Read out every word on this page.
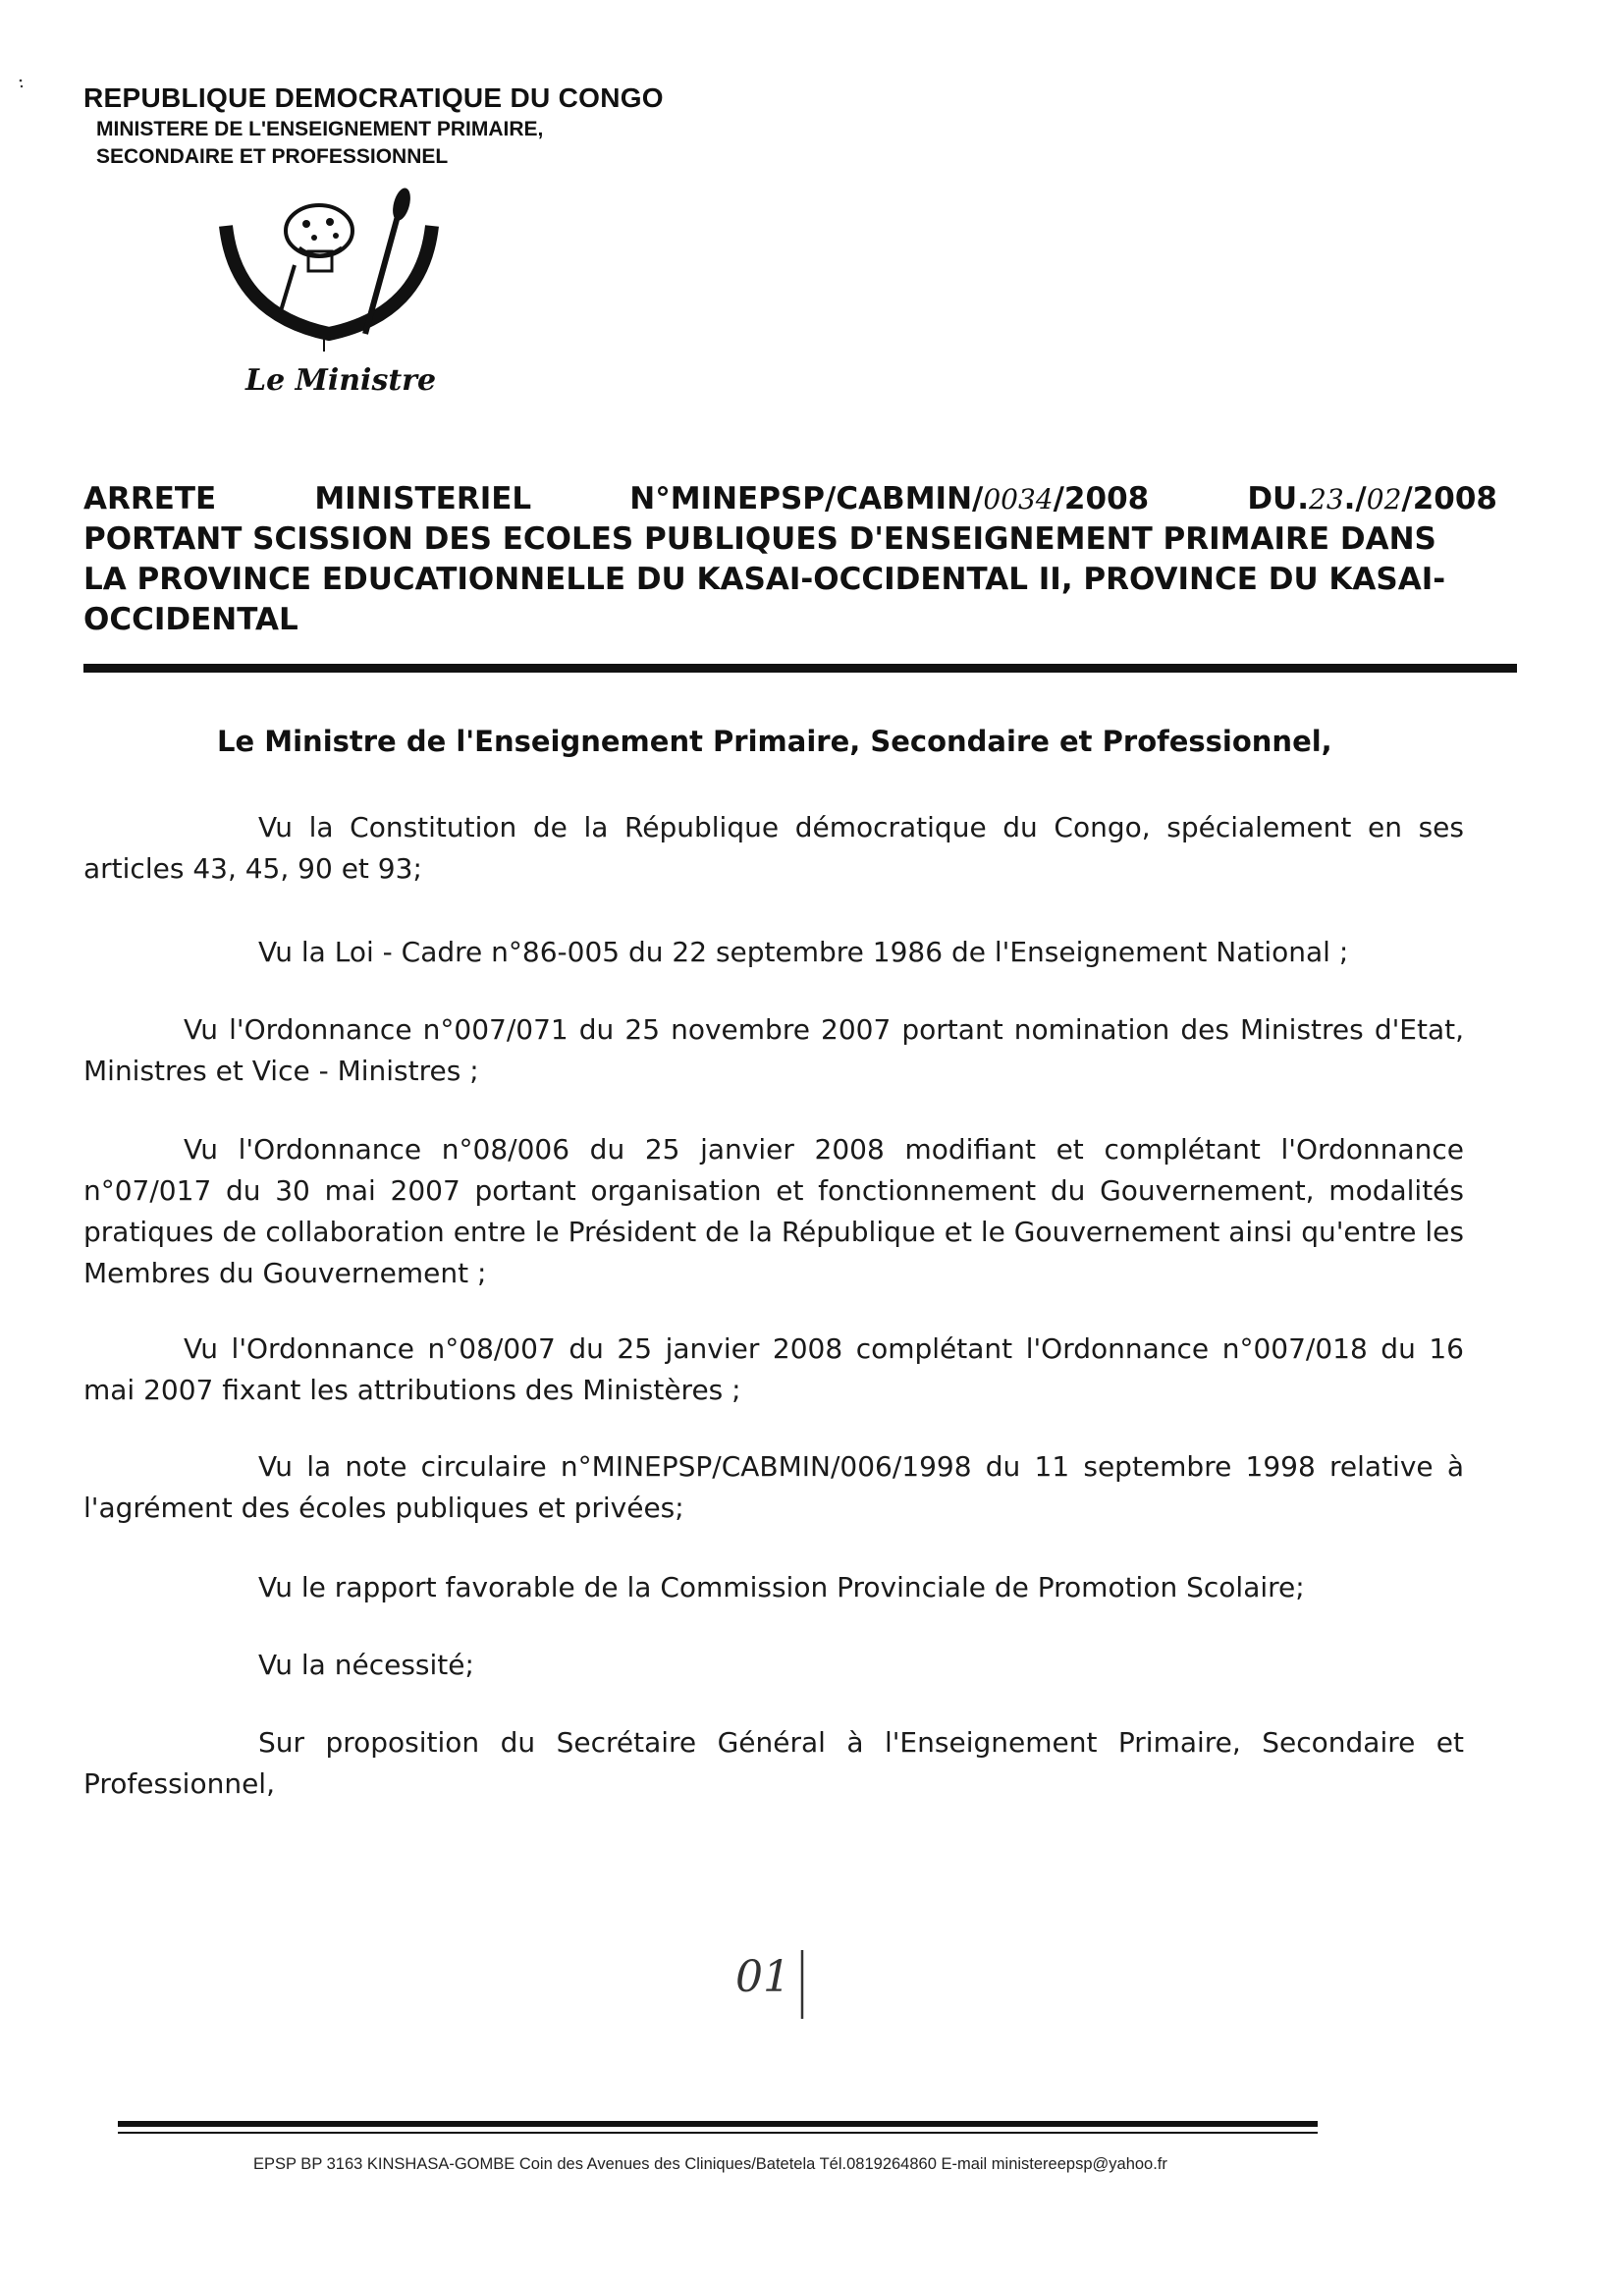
REPUBLIQUE DEMOCRATIQUE DU CONGO
MINISTERE DE L'ENSEIGNEMENT PRIMAIRE,
SECONDAIRE ET PROFESSIONNEL
Le Ministre
ARRETE	MINISTERIEL	N°MINEPSP/CABMIN/0034/2008	DU.23./02/2008
PORTANT SCISSION DES ECOLES PUBLIQUES D'ENSEIGNEMENT PRIMAIRE DANS
LA PROVINCE EDUCATIONNELLE DU KASAI-OCCIDENTAL II, PROVINCE DU KASAI-
OCCIDENTAL
Le Ministre de l'Enseignement Primaire, Secondaire et Professionnel,
Vu la Constitution de la République démocratique du Congo, spécialement en ses articles 43, 45, 90 et 93;
Vu la Loi - Cadre n°86-005 du 22 septembre 1986 de l'Enseignement National ;
Vu l'Ordonnance n°007/071 du 25 novembre 2007 portant nomination des Ministres d'Etat, Ministres et Vice - Ministres ;
Vu l'Ordonnance n°08/006 du 25 janvier 2008 modifiant et complétant l'Ordonnance n°07/017 du 30 mai 2007 portant organisation et fonctionnement du Gouvernement, modalités pratiques de collaboration entre le Président de la République et le Gouvernement ainsi qu'entre les Membres du Gouvernement ;
Vu l'Ordonnance n°08/007 du 25 janvier 2008 complétant l'Ordonnance n°007/018 du 16 mai 2007 fixant les attributions des Ministères ;
Vu la note circulaire n°MINEPSP/CABMIN/006/1998 du 11 septembre 1998 relative à l'agrément des écoles publiques et privées;
Vu le rapport favorable de la Commission Provinciale de Promotion Scolaire;
Vu la nécessité;
Sur proposition du Secrétaire Général à l'Enseignement Primaire, Secondaire et Professionnel,
01
EPSP BP 3163 KINSHASA-GOMBE Coin des Avenues des Cliniques/Batetela Tél.0819264860 E-mail ministereepsp@yahoo.fr
